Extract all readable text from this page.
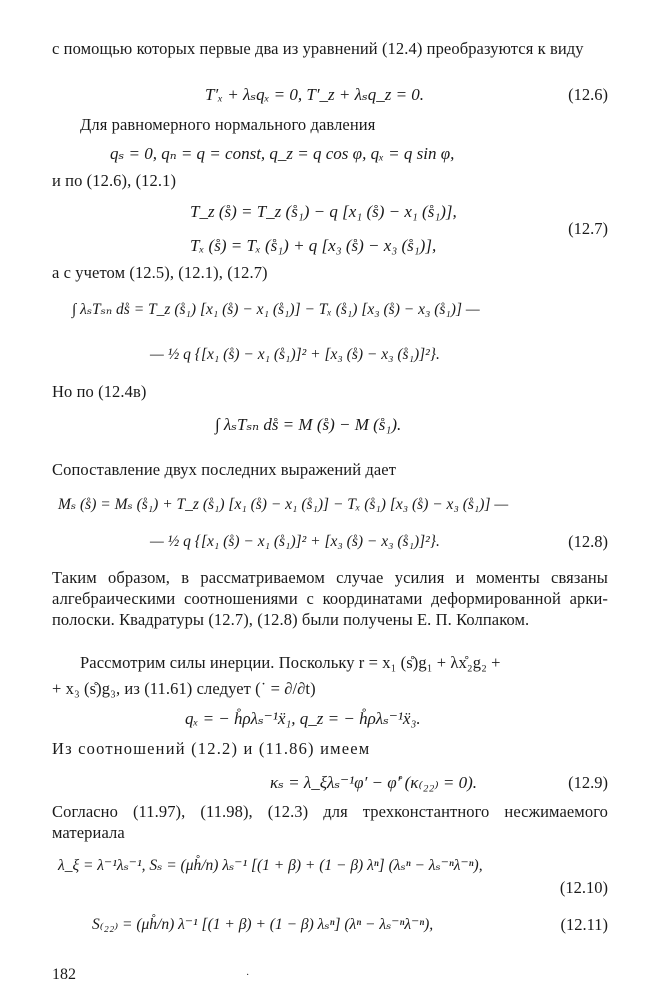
с помощью которых первые два из уравнений (12.4) преобразуются к виду
T′ₓ + λₛqₓ = 0, T′_z + λₛq_z = 0.	(12.6)
Для равномерного нормального давления
qₛ = 0, qₙ = q = const, q_z = q cos φ, qₓ = q sin φ,
и по (12.6), (12.1)
T_z (s̊) = T_z (s̊₁) − q [x₁ (s̊) − x₁ (s̊₁)],
Tₓ (s̊) = Tₓ (s̊₁) + q [x₃ (s̊) − x₃ (s̊₁)],
(12.7)
а с учетом (12.5), (12.1), (12.7)
∫ λₛTₛₙ ds̊ = T_z (s̊₁) [x₁ (s̊) − x₁ (s̊₁)] − Tₓ (s̊₁) [x₃ (s̊) − x₃ (s̊₁)] —
— ½ q {[x₁ (s̊) − x₁ (s̊₁)]² + [x₃ (s̊) − x₃ (s̊₁)]²}.
Но по (12.4в)
∫ λₛTₛₙ ds̊ = M (s̊) − M (s̊₁).
Сопоставление двух последних выражений дает
Mₛ (s̊) = Mₛ (s̊₁) + T_z (s̊₁) [x₁ (s̊) − x₁ (s̊₁)] − Tₓ (s̊₁) [x₃ (s̊) − x₃ (s̊₁)] —
— ½ q {[x₁ (s̊) − x₁ (s̊₁)]² + [x₃ (s̊) − x₃ (s̊₁)]²}.	(12.8)
Таким образом, в рассматриваемом случае усилия и моменты связаны алгебраическими соотношениями с координатами деформированной арки-полоски. Квадратуры (12.7), (12.8) были получены Е. П. Колпаком.
Рассмотрим силы инерции. Поскольку r = x₁ (s̊)g₁ + λx̊₂g₂ +
+ x₃ (s̊)g₃, из (11.61) следует (˙ = ∂/∂t)
qₓ = − h̊ρλₛ⁻¹ẍ₁, q_z = − h̊ρλₛ⁻¹ẍ₃.
Из соотношений (12.2) и (11.86) имеем
κₛ = λ_ξλₛ⁻¹φ′ − φ̊′ (κ₍₂₂₎ = 0).	(12.9)
Согласно (11.97), (11.98), (12.3) для трехконстантного несжимаемого материала
λ_ξ = λ⁻¹λₛ⁻¹, Sₛ = (μh̊/n) λₛ⁻¹ [(1 + β) + (1 − β) λⁿ] (λₛⁿ − λₛ⁻ⁿλ⁻ⁿ),
(12.10)
S₍₂₂₎ = (μh̊/n) λ⁻¹ [(1 + β) + (1 − β) λₛⁿ] (λⁿ − λₛ⁻ⁿλ⁻ⁿ),	(12.11)
182	·
